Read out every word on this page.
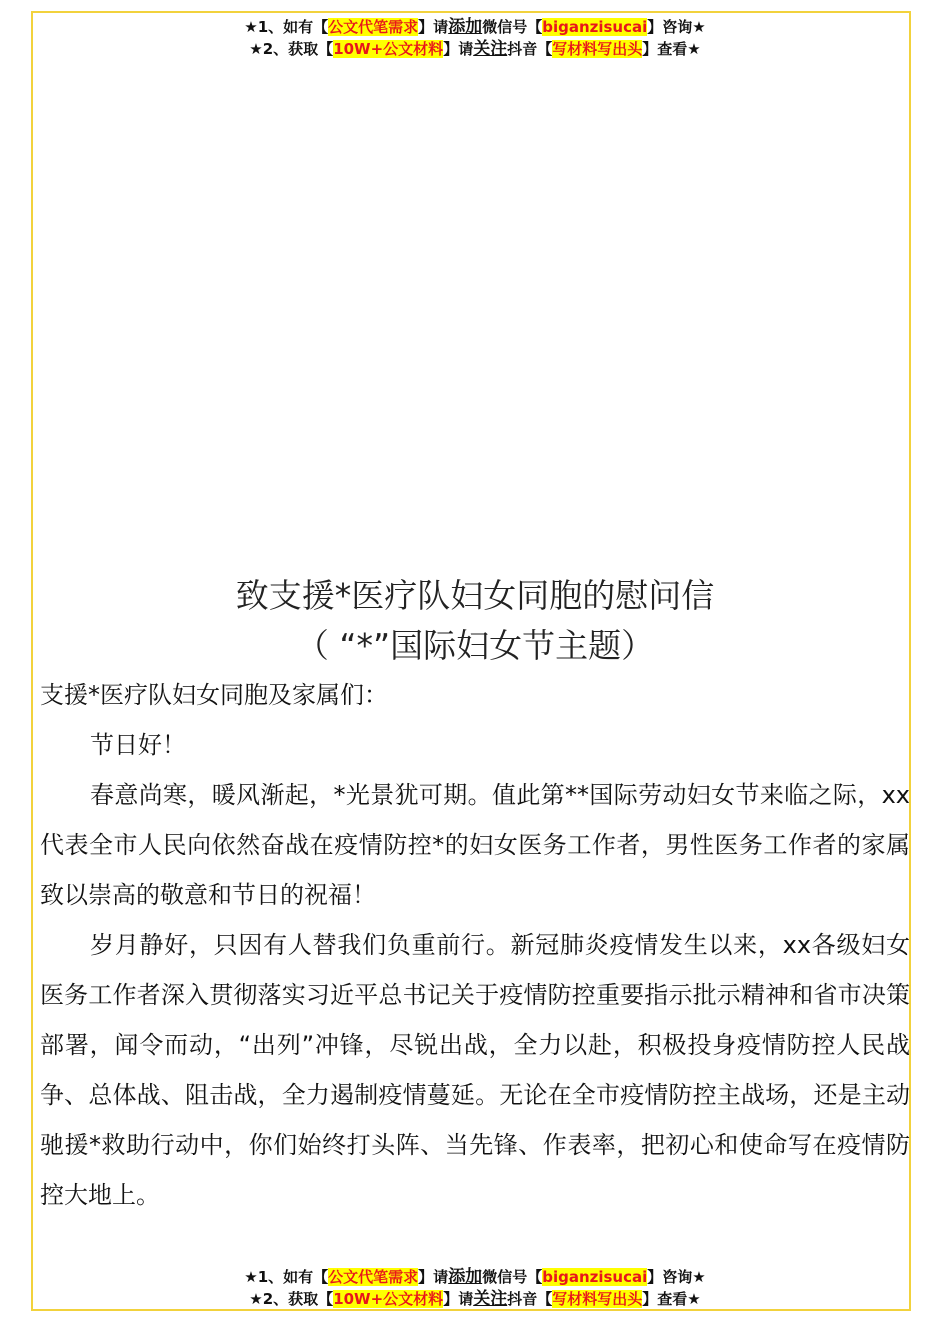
★1、如有【公文代笔需求】请添加微信号【biganzisucai】咨询★
★2、获取【10W+公文材料】请关注抖音【写材料写出头】查看★
致支援*医疗队妇女同胞的慰问信
（ “*”国际妇女节主题）

支援*医疗队妇女同胞及家属们：

节日好！

春意尚寒，暖风渐起，*光景犹可期。值此第**国际劳动妇女节来临之际，xx代表全市人民向依然奋战在疫情防控*的妇女医务工作者，男性医务工作者的家属致以崇高的敬意和节日的祝福！

岁月静好，只因有人替我们负重前行。新冠肺炎疫情发生以来，xx各级妇女医务工作者深入贯彻落实习近平总书记关于疫情防控重要指示批示精神和省市决策部署，闻令而动，“出列”冲锋，尽锐出战，全力以赴，积极投身疫情防控人民战争、总体战、阻击战，全力遏制疫情蔓延。无论在全市疫情防控主战场，还是主动驰援*救助行动中，你们始终打头阵、当先锋、作表率，把初心和使命写在疫情防控大地上。

★1、如有【公文代笔需求】请添加微信号【biganzisucai】咨询★
★2、获取【10W+公文材料】请关注抖音【写材料写出头】查看★
